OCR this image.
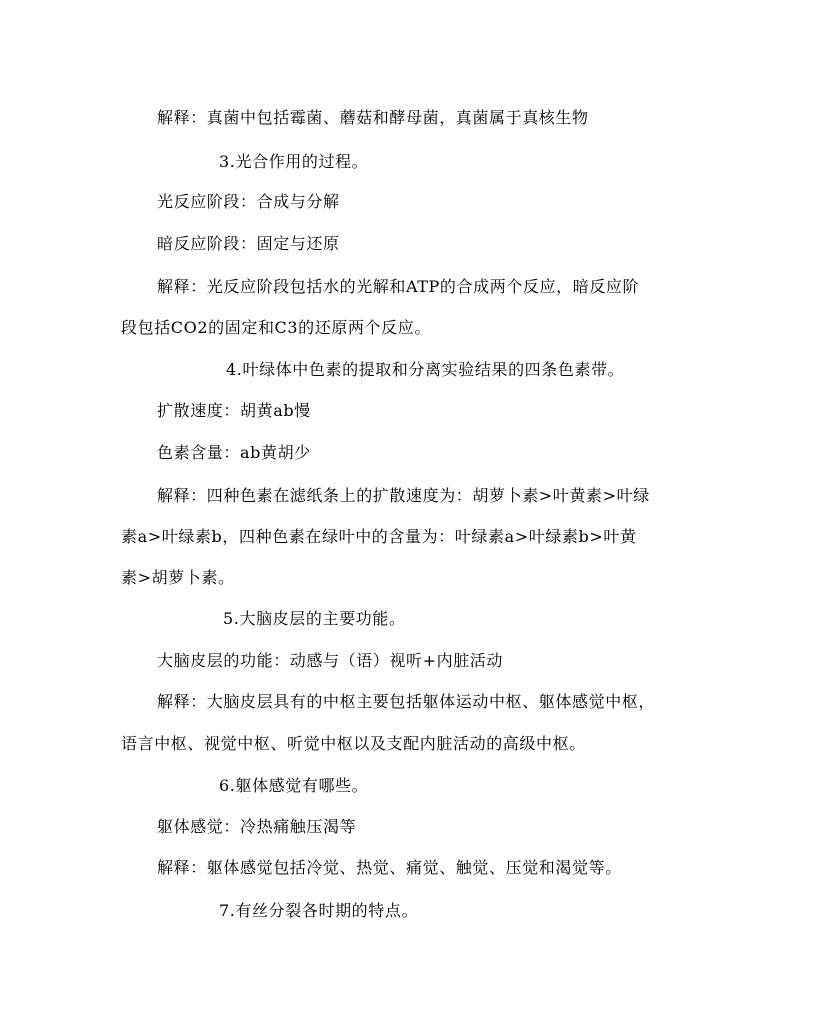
解释：真菌中包括霉菌、蘑菇和酵母菌，真菌属于真核生物
3.光合作用的过程。
光反应阶段：合成与分解
暗反应阶段：固定与还原
解释：光反应阶段包括水的光解和ATP的合成两个反应，暗反应阶
段包括CO2的固定和C3的还原两个反应。
4.叶绿体中色素的提取和分离实验结果的四条色素带。
扩散速度：胡黄ab慢
色素含量：ab黄胡少
解释：四种色素在滤纸条上的扩散速度为：胡萝卜素>叶黄素>叶绿
素a>叶绿素b，四种色素在绿叶中的含量为：叶绿素a>叶绿素b>叶黄
素>胡萝卜素。
5.大脑皮层的主要功能。
大脑皮层的功能：动感与（语）视听+内脏活动
解释：大脑皮层具有的中枢主要包括躯体运动中枢、躯体感觉中枢，
语言中枢、视觉中枢、听觉中枢以及支配内脏活动的高级中枢。
6.躯体感觉有哪些。
躯体感觉：冷热痛触压渴等
解释：躯体感觉包括冷觉、热觉、痛觉、触觉、压觉和渴觉等。
7.有丝分裂各时期的特点。
